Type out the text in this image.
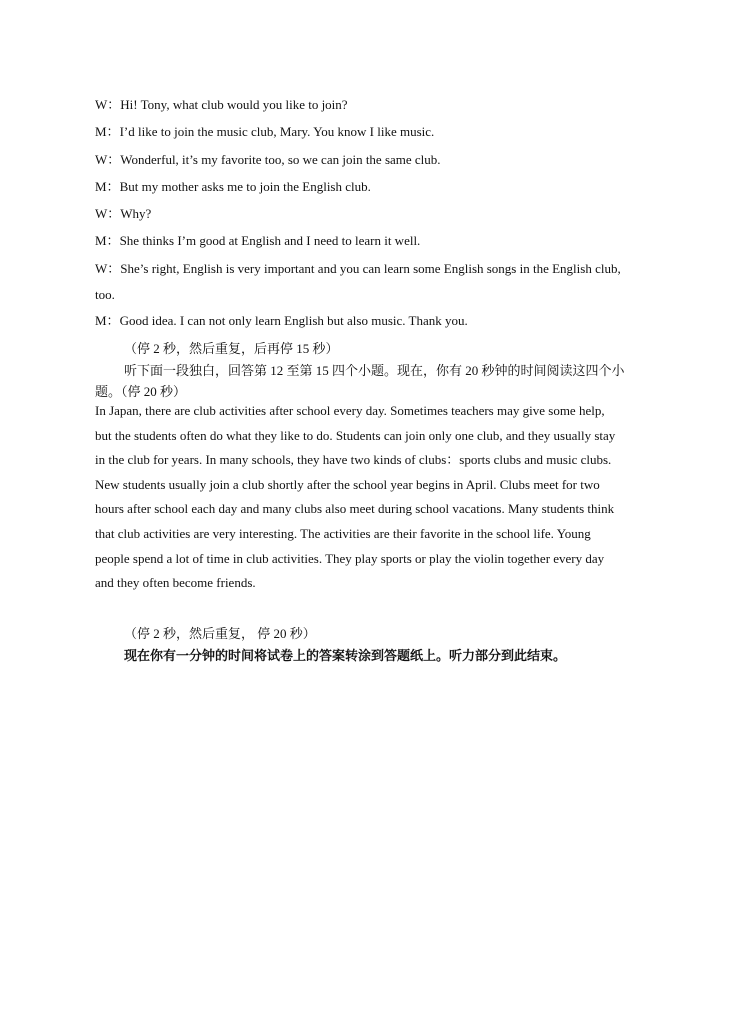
W：Hi! Tony, what club would you like to join?
M：I’d like to join the music club, Mary. You know I like music.
W：Wonderful, it’s my favorite too, so we can join the same club.
M：But my mother asks me to join the English club.
W：Why?
M：She thinks I’m good at English and I need to learn it well.
W：She’s right, English is very important and you can learn some English songs in the English club,
too.
M：Good idea. I can not only learn English but also music. Thank you.
（停 2 秒，然后重复，后再停 15 秒）
听下面一段独白，回答第 12 至第 15 四个小题。现在，你有 20 秒钟的时间阅读这四个小
题。（停 20 秒）
In Japan, there are club activities after school every day. Sometimes teachers may give some help,
but the students often do what they like to do. Students can join only one club, and they usually stay
in the club for years. In many schools, they have two kinds of clubs：sports clubs and music clubs.
New students usually join a club shortly after the school year begins in April. Clubs meet for two
hours after school each day and many clubs also meet during school vacations. Many students think
that club activities are very interesting. The activities are their favorite in the school life. Young
people spend a lot of time in club activities. They play sports or play the violin together every day
and they often become friends.
（停 2 秒，然后重复， 停 20 秒）
现在你有一分钟的时间将试卷上的答案转涂到答题纸上。听力部分到此结束。
